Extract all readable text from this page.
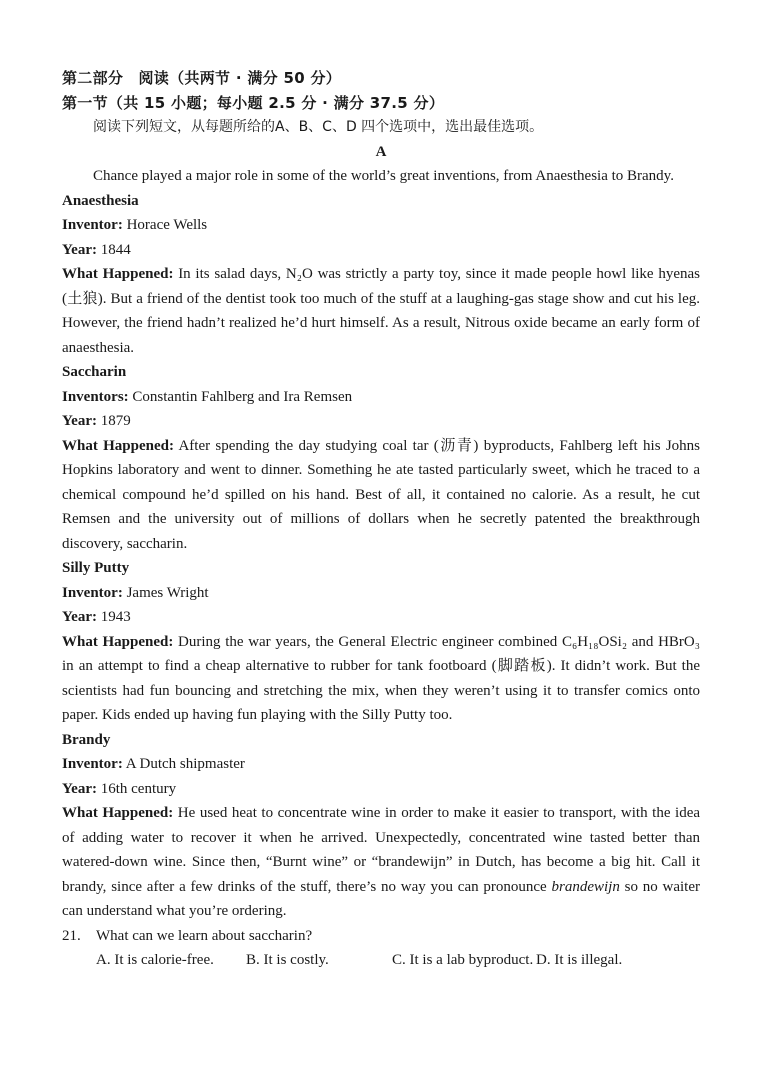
第二部分　阅读（共两节 · 满分 50 分）
第一节（共 15 小题；每小题 2.5 分 · 满分 37.5 分）
阅读下列短文，从每题所给的A、B、C、D 四个选项中，选出最佳选项。
A
Chance played a major role in some of the world’s great inventions, from Anaesthesia to Brandy.
Anaesthesia
Inventor: Horace Wells
Year: 1844

What Happened: In its salad days, N₂O was strictly a party toy, since it made people howl like hyenas (土狼). But a friend of the dentist took too much of the stuff at a laughing-gas stage show and cut his leg. However, the friend hadn’t realized he’d hurt himself. As a result, Nitrous oxide became an early form of anaesthesia.

Saccharin
Inventors: Constantin Fahlberg and Ira Remsen
Year: 1879

What Happened: After spending the day studying coal tar (沥青) byproducts, Fahlberg left his Johns Hopkins laboratory and went to dinner. Something he ate tasted particularly sweet, which he traced to a chemical compound he’d spilled on his hand. Best of all, it contained no calorie. As a result, he cut Remsen and the university out of millions of dollars when he secretly patented the breakthrough discovery, saccharin.

Silly Putty
Inventor: James Wright
Year: 1943

What Happened: During the war years, the General Electric engineer combined C₆H₁₈OSi₂ and HBrO₃ in an attempt to find a cheap alternative to rubber for tank footboard (脚踏板). It didn’t work. But the scientists had fun bouncing and stretching the mix, when they weren’t using it to transfer comics onto paper. Kids ended up having fun playing with the Silly Putty too.

Brandy
Inventor: A Dutch shipmaster
Year: 16th century

What Happened: He used heat to concentrate wine in order to make it easier to transport, with the idea of adding water to recover it when he arrived. Unexpectedly, concentrated wine tasted better than watered-down wine. Since then, “Burnt wine” or “brandewijn” in Dutch, has become a big hit. Call it brandy, since after a few drinks of the stuff, there’s no way you can pronounce brandewijn so no waiter can understand what you’re ordering.

21. What can we learn about saccharin?
A. It is calorie-free. B. It is costly.	C. It is a lab byproduct. D. It is illegal.
